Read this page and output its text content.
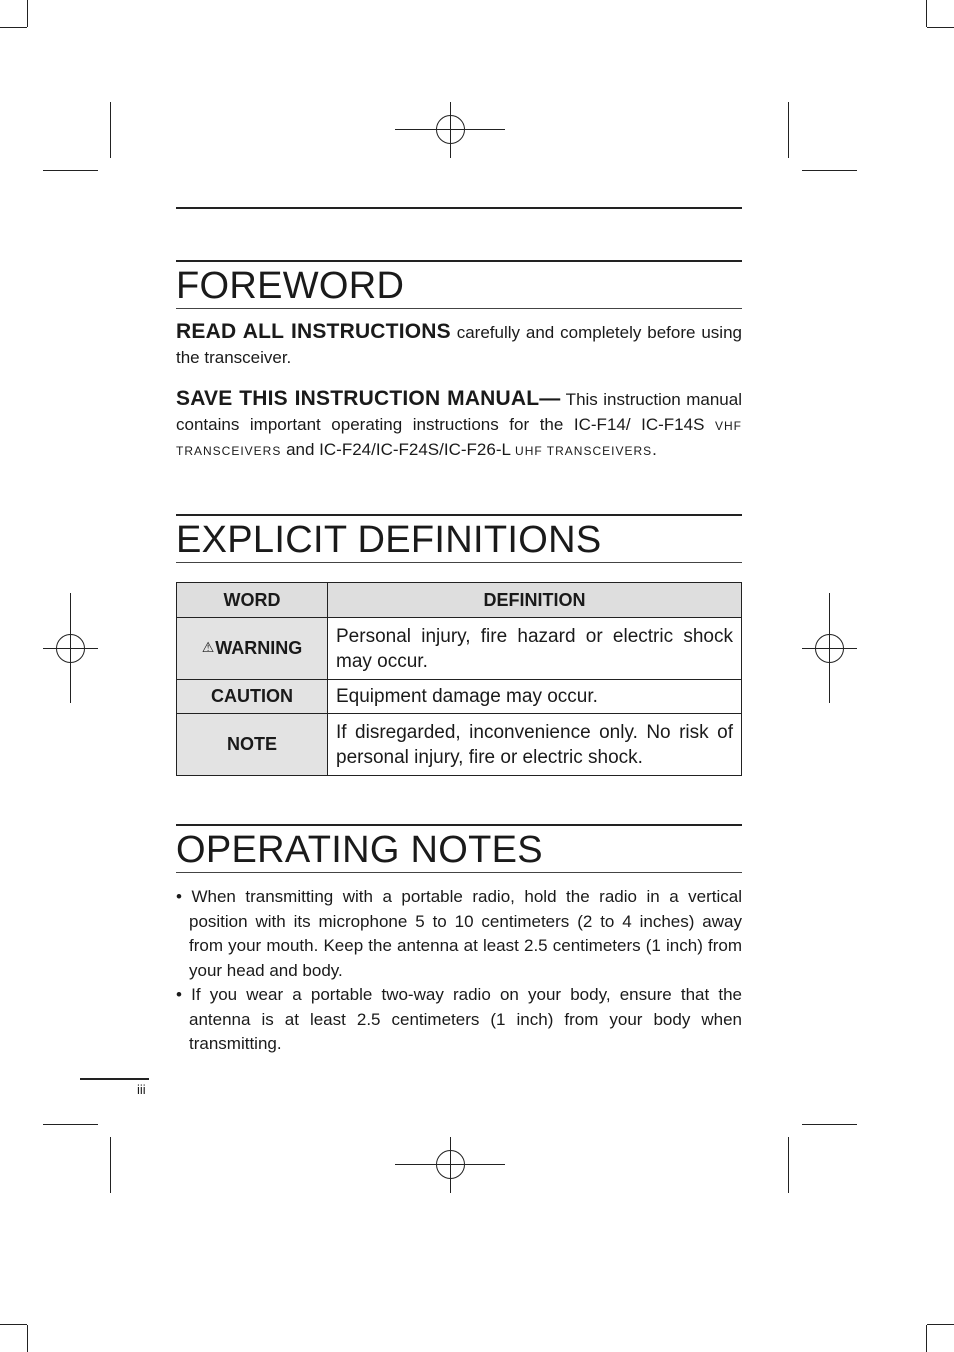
FOREWORD
READ ALL INSTRUCTIONS carefully and completely before using the transceiver.
SAVE THIS INSTRUCTION MANUAL— This instruction manual contains important operating instructions for the IC-F14/ IC-F14S VHF TRANSCEIVERS and IC-F24/IC-F24S/IC-F26-L UHF TRANSCEIVERS.
EXPLICIT DEFINITIONS
WORD	DEFINITION
⚠WARNING	Personal injury, fire hazard or electric shock may occur.
CAUTION	Equipment damage may occur.
NOTE	If disregarded, inconvenience only. No risk of personal injury, fire or electric shock.
OPERATING NOTES
• When transmitting with a portable radio, hold the radio in a vertical position with its microphone 5 to 10 centimeters (2 to 4 inches) away from your mouth. Keep the antenna at least 2.5 centimeters (1 inch) from your head and body.
• If you wear a portable two-way radio on your body, ensure that the antenna is at least 2.5 centimeters (1 inch) from your body when transmitting.
iii
